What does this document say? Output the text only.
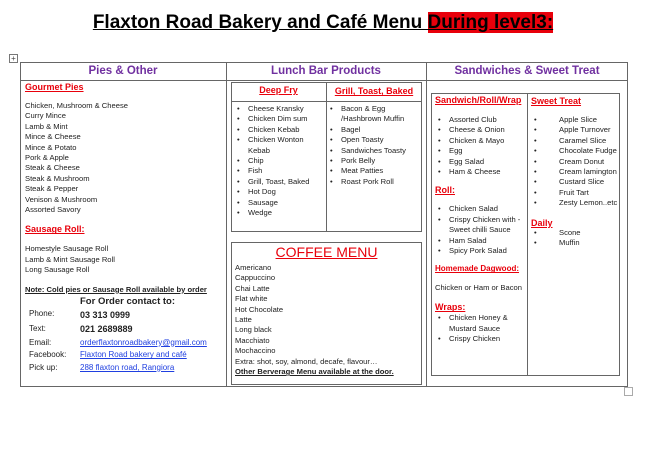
Flaxton Road Bakery and Café Menu During level3:
+
Pies & Other	Lunch Bar Products	Sandwiches & Sweet Treat
Gourmet Pies
Chicken, Mushroom & Cheese
Curry Mince
Lamb & Mint
Mince & Cheese
Mince & Potato
Pork & Apple
Steak & Cheese
Steak & Mushroom
Steak & Pepper
Venison & Mushroom
Assorted Savory
Sausage Roll:
Homestyle Sausage Roll
Lamb & Mint Sausage Roll
Long Sausage Roll
Note: Cold pies or Sausage Roll available by order
For Order contact to:
Phone:	03 313 0999
Text:	021 2689889
Email:	orderflaxtonroadbakery@gmail.com
Facebook:	Flaxton Road bakery and café
Pick up:	288 flaxton road, Rangiora
Deep Fry	Grill, Toast, Baked
• Cheese Kransky
• Chicken Dim sum
• Chicken Kebab
• Chicken Wonton Kebab
• Chip
• Fish
• Grill, Toast, Baked
• Hot Dog
• Sausage
• Wedge
• Bacon & Egg /Hashbrown Muffin
• Bagel
• Open Toasty
• Sandwiches Toasty
• Pork Belly
• Meat Patties
• Roast Pork Roll
COFFEE MENU
Americano
Cappuccino
Chai Latte
Flat white
Hot Chocolate
Latte
Long black
Macchiato
Mochaccino
Extra: shot, soy, almond, decafe, flavour…
Other Berverage Menu available at the door.
Sandwich/Roll/Wrap
• Assorted Club
• Cheese & Onion
• Chicken & Mayo
• Egg
• Egg Salad
• Ham & Cheese
Roll:
• Chicken Salad
• Crispy Chicken with -Sweet chilli Sauce
• Ham Salad
• Spicy Pork Salad
Homemade Dagwood:
Chicken or Ham or Bacon
Wraps:
• Chicken Honey & Mustard Sauce
• Crispy Chicken
Sweet Treat
• Apple Slice
• Apple Turnover
• Caramel Slice
• Chocolate Fudge
• Cream Donut
• Cream lamington
• Custard Slice
• Fruit Tart
• Zesty Lemon..etc
Daily
• Scone
• Muffin
